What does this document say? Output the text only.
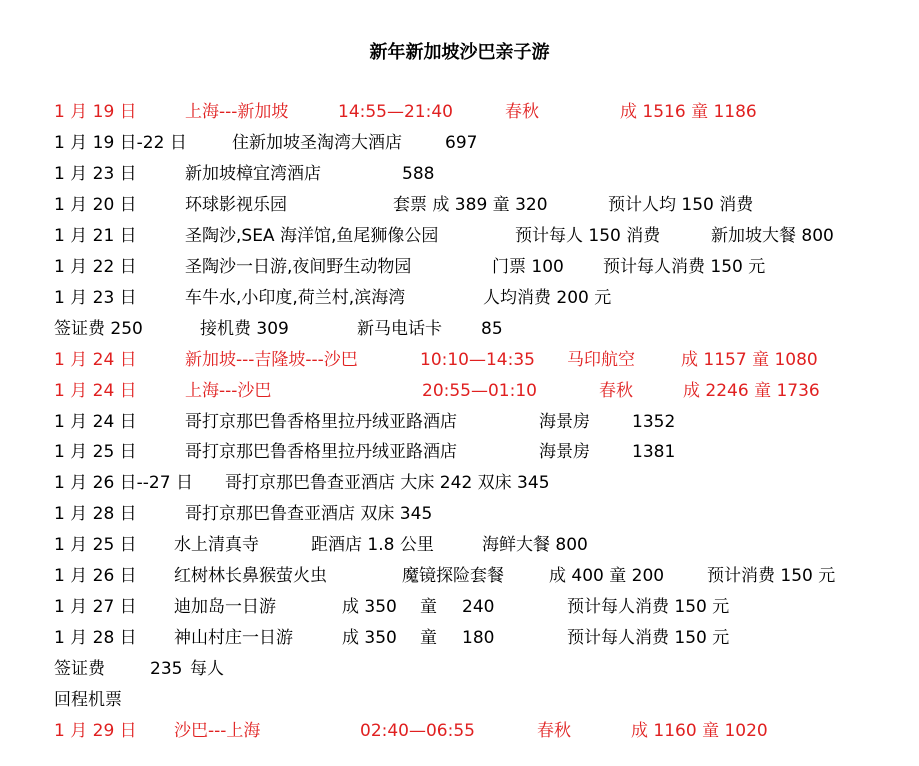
新年新加坡沙巴亲子游
1 月 19 日	上海---新加坡	14:55—21:40	春秋	成 1516 童 1186
1 月 19 日-22 日	住新加坡圣淘湾大酒店	697
1 月 23 日	新加坡樟宜湾酒店	588
1 月 20 日	环球影视乐园	套票 成 389 童 320	预计人均 150 消费
1 月 21 日	圣陶沙,SEA 海洋馆,鱼尾狮像公园	预计每人 150 消费	新加坡大餐 800
1 月 22 日	圣陶沙一日游,夜间野生动物园	门票 100 预计每人消费 150 元
1 月 23 日	车牛水,小印度,荷兰村,滨海湾	人均消费 200 元
签证费 250	接机费 309	新马电话卡 85
1 月 24 日	新加坡---吉隆坡---沙巴	10:10—14:35 马印航空	成 1157 童 1080
1 月 24 日	上海---沙巴	20:55—01:10	春秋	成 2246 童 1736
1 月 24 日	哥打京那巴鲁香格里拉丹绒亚路酒店	海景房 1352
1 月 25 日	哥打京那巴鲁香格里拉丹绒亚路酒店	海景房 1381
1 月 26 日--27 日 哥打京那巴鲁查亚酒店 大床 242 双床 345
1 月 28 日	哥打京那巴鲁查亚酒店 双床 345
1 月 25 日 水上清真寺	距酒店 1.8 公里	海鲜大餐 800
1 月 26 日 红树林长鼻猴萤火虫	魔镜探险套餐	成 400 童 200	预计消费 150 元
1 月 27 日 迪加岛一日游	成 350 童 240	预计每人消费 150 元
1 月 28 日 神山村庄一日游	成 350 童 180	预计每人消费 150 元
签证费	235 每人
回程机票
1 月 29 日 沙巴---上海	02:40—06:55	春秋	成 1160 童 1020
